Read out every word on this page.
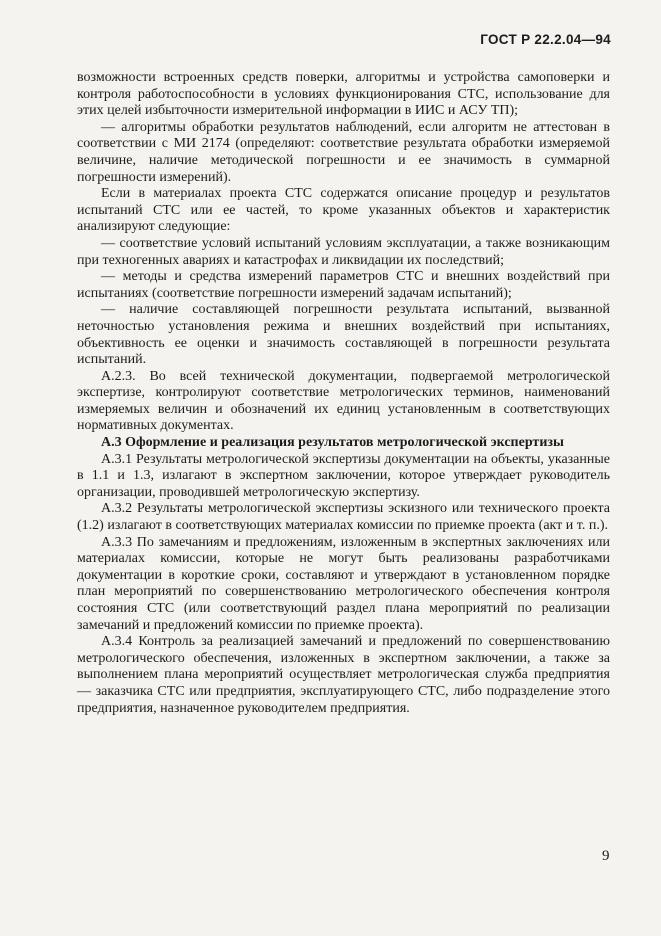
ГОСТ Р 22.2.04—94

возможности встроенных средств поверки, алгоритмы и устройства самоповерки и контроля работоспособности в условиях функционирования СТС, использование для этих целей избыточности измерительной информации в ИИС и АСУ ТП);

— алгоритмы обработки результатов наблюдений, если алгоритм не аттестован в соответствии с МИ 2174 (определяют: соответствие результата обработки измеряемой величине, наличие методической погрешности и ее значимость в суммарной погрешности измерений).

Если в материалах проекта СТС содержатся описание процедур и результатов испытаний СТС или ее частей, то кроме указанных объектов и характеристик анализируют следующие:

— соответствие условий испытаний условиям эксплуатации, а также возникающим при техногенных авариях и катастрофах и ликвидации их последствий;

— методы и средства измерений параметров СТС и внешних воздействий при испытаниях (соответствие погрешности измерений задачам испытаний);

— наличие составляющей погрешности результата испытаний, вызванной неточностью установления режима и внешних воздействий при испытаниях, объективность ее оценки и значимость составляющей в погрешности результата испытаний.

А.2.3. Во всей технической документации, подвергаемой метрологической экспертизе, контролируют соответствие метрологических терминов, наименований измеряемых величин и обозначений их единиц установленным в соответствующих нормативных документах.

А.3 Оформление и реализация результатов метрологической экспертизы

А.3.1 Результаты метрологической экспертизы документации на объекты, указанные в 1.1 и 1.3, излагают в экспертном заключении, которое утверждает руководитель организации, проводившей метрологическую экспертизу.

А.3.2 Результаты метрологической экспертизы эскизного или технического проекта (1.2) излагают в соответствующих материалах комиссии по приемке проекта (акт и т. п.).

А.3.3 По замечаниям и предложениям, изложенным в экспертных заключениях или материалах комиссии, которые не могут быть реализованы разработчиками документации в короткие сроки, составляют и утверждают в установленном порядке план мероприятий по совершенствованию метрологического обеспечения контроля состояния СТС (или соответствующий раздел плана мероприятий по реализации замечаний и предложений комиссии по приемке проекта).

А.3.4 Контроль за реализацией замечаний и предложений по совершенствованию метрологического обеспечения, изложенных в экспертном заключении, а также за выполнением плана мероприятий осуществляет метрологическая служба предприятия — заказчика СТС или предприятия, эксплуатирующего СТС, либо подразделение этого предприятия, назначенное руководителем предприятия.

9
